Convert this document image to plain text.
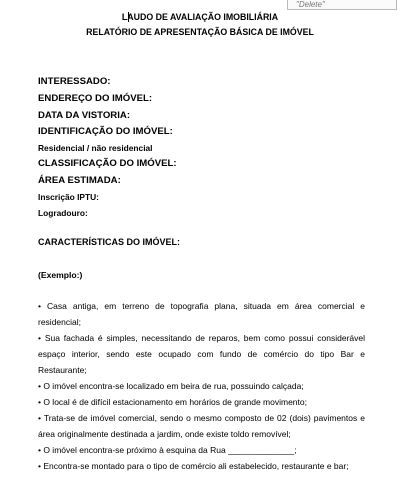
"Delete"
LAUDO DE AVALIAÇÃO IMOBILIÁRIA
RELATÓRIO DE APRESENTAÇÃO BÁSICA DE IMÓVEL
INTERESSADO:
ENDEREÇO DO IMÓVEL:
DATA DA VISTORIA:
IDENTIFICAÇÃO DO IMÓVEL:
Residencial / não residencial
CLASSIFICAÇÃO DO IMÓVEL:
ÁREA ESTIMADA:
Inscrição IPTU:
Logradouro:
CARACTERÍSTICAS DO IMÓVEL:
(Exemplo:)
• Casa antiga, em terreno de topografia plana, situada em área comercial e
residencial;
• Sua fachada é simples, necessitando de reparos, bem como possui considerável
espaço interior, sendo este ocupado com fundo de comércio do tipo Bar e
Restaurante;
• O imóvel encontra-se localizado em beira de rua, possuindo calçada;
• O local é de difícil estacionamento em horários de grande movimento;
• Trata-se de imóvel comercial, sendo o mesmo composto de 02 (dois) pavimentos e
área originalmente destinada a jardim, onde existe toldo removível;
• O imóvel encontra-se próximo à esquina da Rua ______________;
• Encontra-se montado para o tipo de comércio ali estabelecido, restaurante e bar;
